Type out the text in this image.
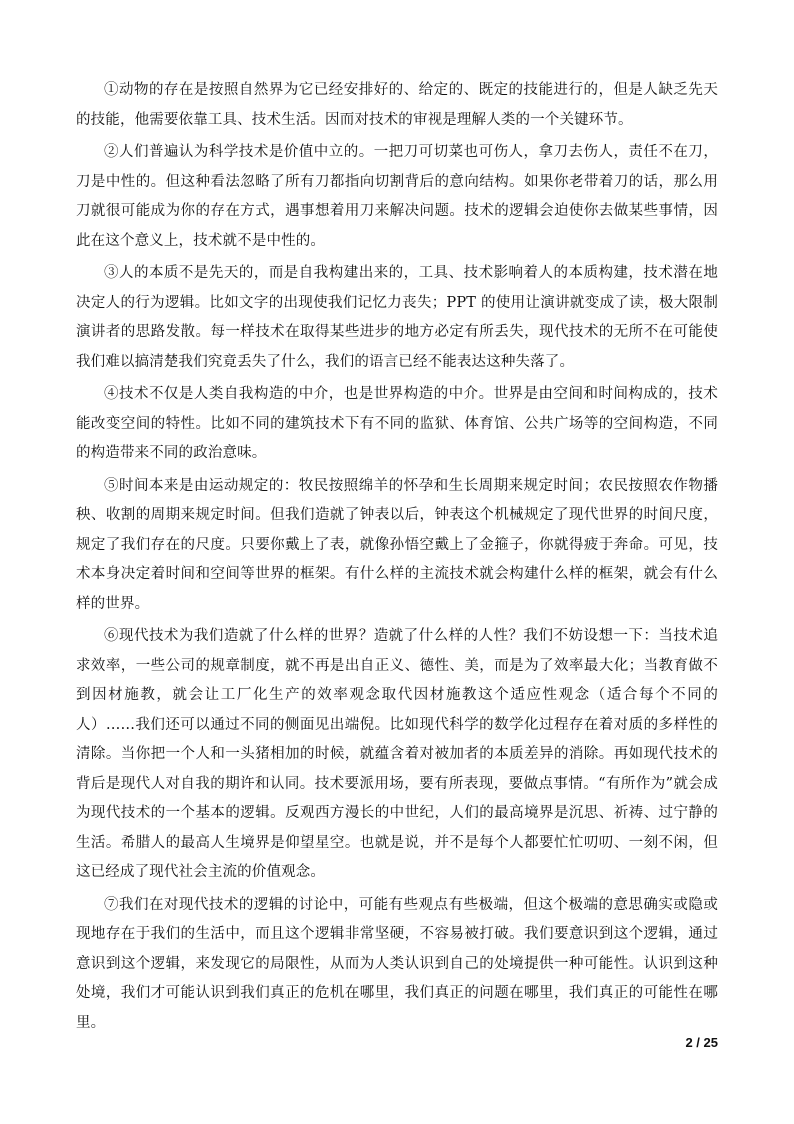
①动物的存在是按照自然界为它已经安排好的、给定的、既定的技能进行的，但是人缺乏先天的技能，他需要依靠工具、技术生活。因而对技术的审视是理解人类的一个关键环节。

②人们普遍认为科学技术是价值中立的。一把刀可切菜也可伤人，拿刀去伤人，责任不在刀，刀是中性的。但这种看法忽略了所有刀都指向切割背后的意向结构。如果你老带着刀的话，那么用刀就很可能成为你的存在方式，遇事想着用刀来解决问题。技术的逻辑会迫使你去做某些事情，因此在这个意义上，技术就不是中性的。

③人的本质不是先天的，而是自我构建出来的，工具、技术影响着人的本质构建，技术潜在地决定人的行为逻辑。比如文字的出现使我们记忆力丧失；PPT 的使用让演讲就变成了读，极大限制演讲者的思路发散。每一样技术在取得某些进步的地方必定有所丢失，现代技术的无所不在可能使我们难以搞清楚我们究竟丢失了什么，我们的语言已经不能表达这种失落了。

④技术不仅是人类自我构造的中介，也是世界构造的中介。世界是由空间和时间构成的，技术能改变空间的特性。比如不同的建筑技术下有不同的监狱、体育馆、公共广场等的空间构造，不同的构造带来不同的政治意味。

⑤时间本来是由运动规定的：牧民按照绵羊的怀孕和生长周期来规定时间；农民按照农作物播秧、收割的周期来规定时间。但我们造就了钟表以后，钟表这个机械规定了现代世界的时间尺度，规定了我们存在的尺度。只要你戴上了表，就像孙悟空戴上了金箍子，你就得疲于奔命。可见，技术本身决定着时间和空间等世界的框架。有什么样的主流技术就会构建什么样的框架，就会有什么样的世界。

⑥现代技术为我们造就了什么样的世界？造就了什么样的人性？我们不妨设想一下：当技术追求效率，一些公司的规章制度，就不再是出自正义、德性、美，而是为了效率最大化；当教育做不到因材施教，就会让工厂化生产的效率观念取代因材施教这个适应性观念（适合每个不同的人）……我们还可以通过不同的侧面见出端倪。比如现代科学的数学化过程存在着对质的多样性的清除。当你把一个人和一头猪相加的时候，就蕴含着对被加者的本质差异的消除。再如现代技术的背后是现代人对自我的期许和认同。技术要派用场，要有所表现，要做点事情。“有所作为”就会成为现代技术的一个基本的逻辑。反观西方漫长的中世纪，人们的最高境界是沉思、祈祷、过宁静的生活。希腊人的最高人生境界是仰望星空。也就是说，并不是每个人都要忙忙叨叨、一刻不闲，但这已经成了现代社会主流的价值观念。

⑦我们在对现代技术的逻辑的讨论中，可能有些观点有些极端，但这个极端的意思确实或隐或现地存在于我们的生活中，而且这个逻辑非常坚硬，不容易被打破。我们要意识到这个逻辑，通过意识到这个逻辑，来发现它的局限性，从而为人类认识到自己的处境提供一种可能性。认识到这种处境，我们才可能认识到我们真正的危机在哪里，我们真正的问题在哪里，我们真正的可能性在哪里。

2 / 25
